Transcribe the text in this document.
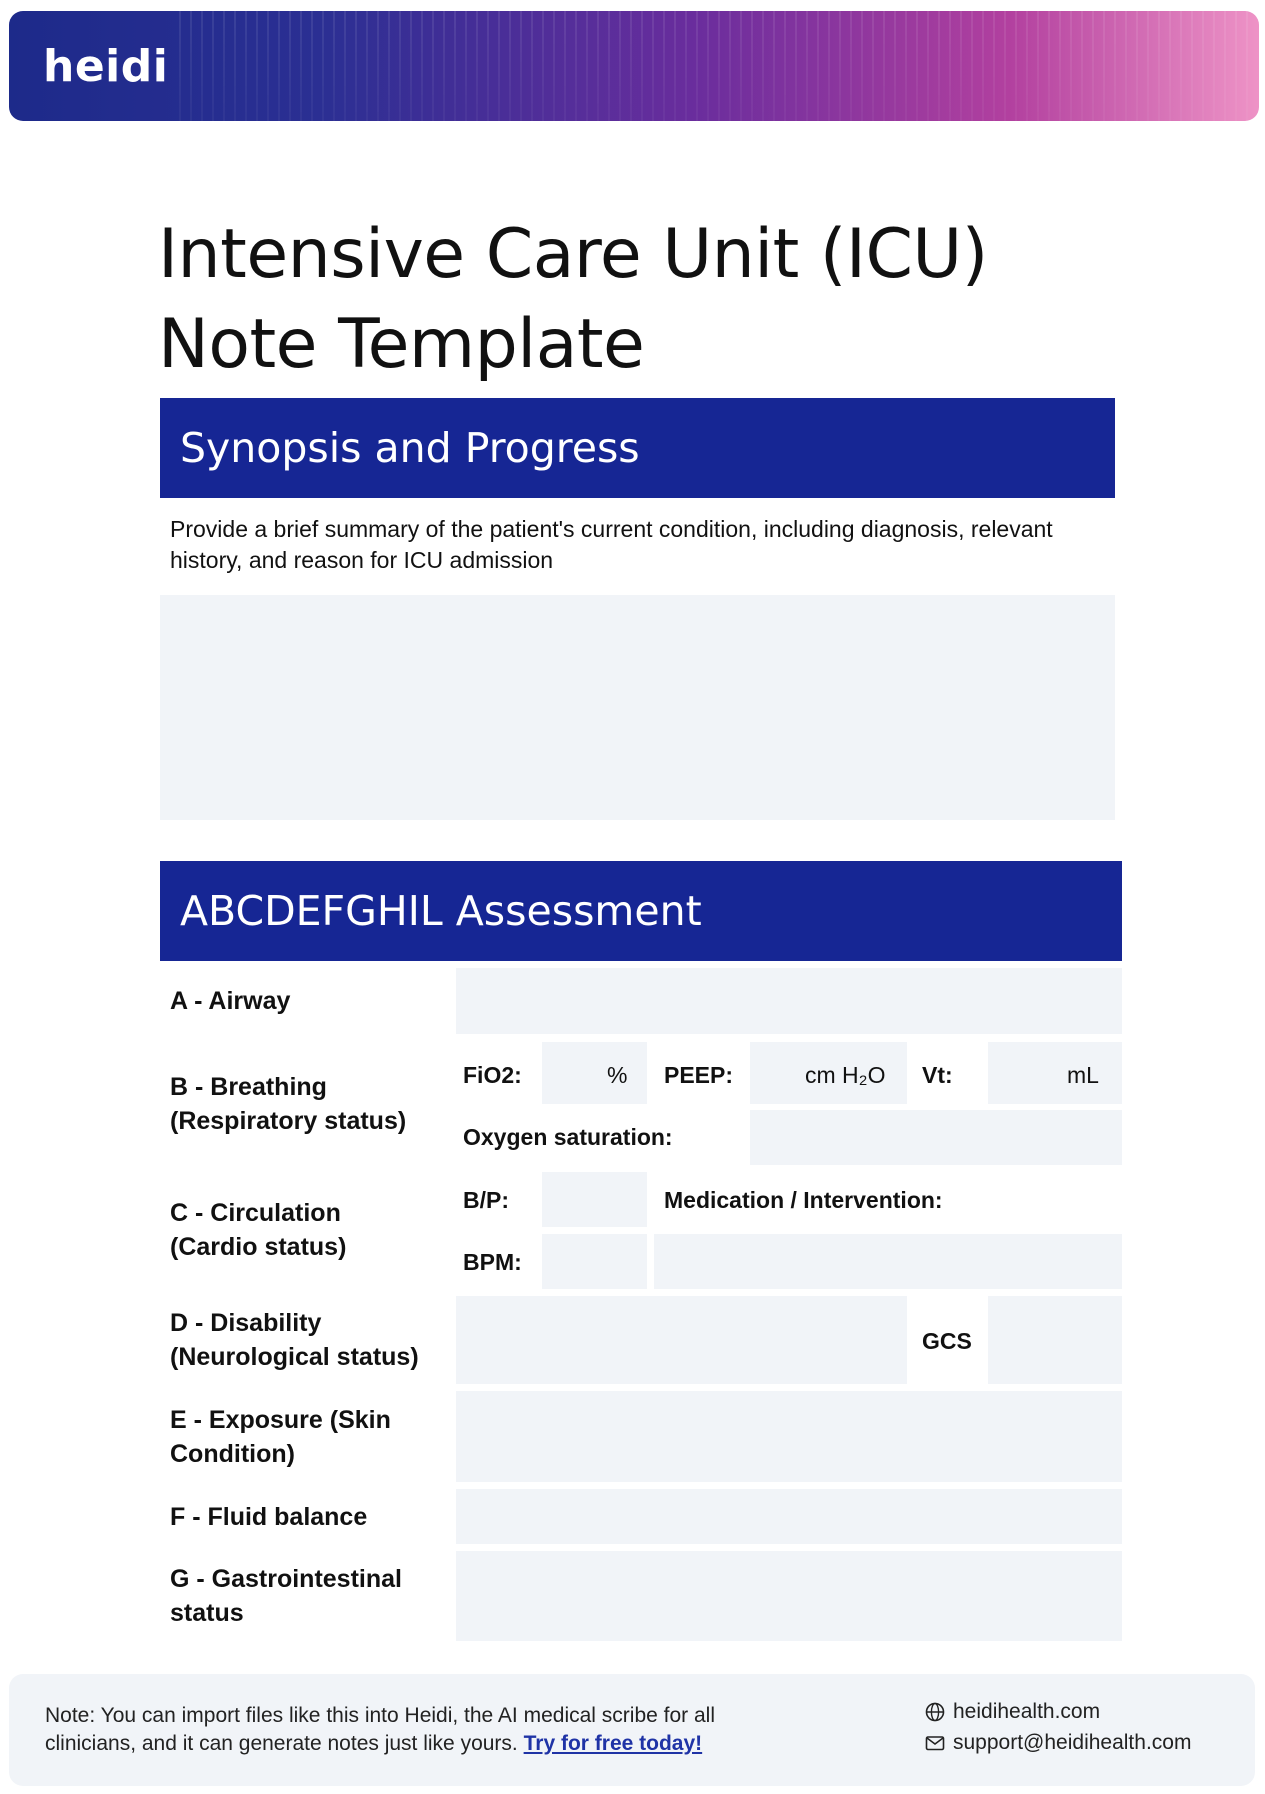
heidi
Intensive Care Unit (ICU) Note Template
Synopsis and Progress
Provide a brief summary of the patient's current condition, including diagnosis, relevant history, and reason for ICU admission
ABCDEFGHIL Assessment
A - Airway
B - Breathing
(Respiratory status)
FiO2:	% PEEP:	cm H₂O Vt:	mL
Oxygen saturation:
C - Circulation
(Cardio status)
B/P:	Medication / Intervention:
BPM:
D - Disability
(Neurological status)
GCS
E - Exposure (Skin
Condition)
F - Fluid balance
G - Gastrointestinal
status
Note: You can import files like this into Heidi, the AI medical scribe for all clinicians, and it can generate notes just like yours. Try for free today!
heidihealth.com
support@heidihealth.com
